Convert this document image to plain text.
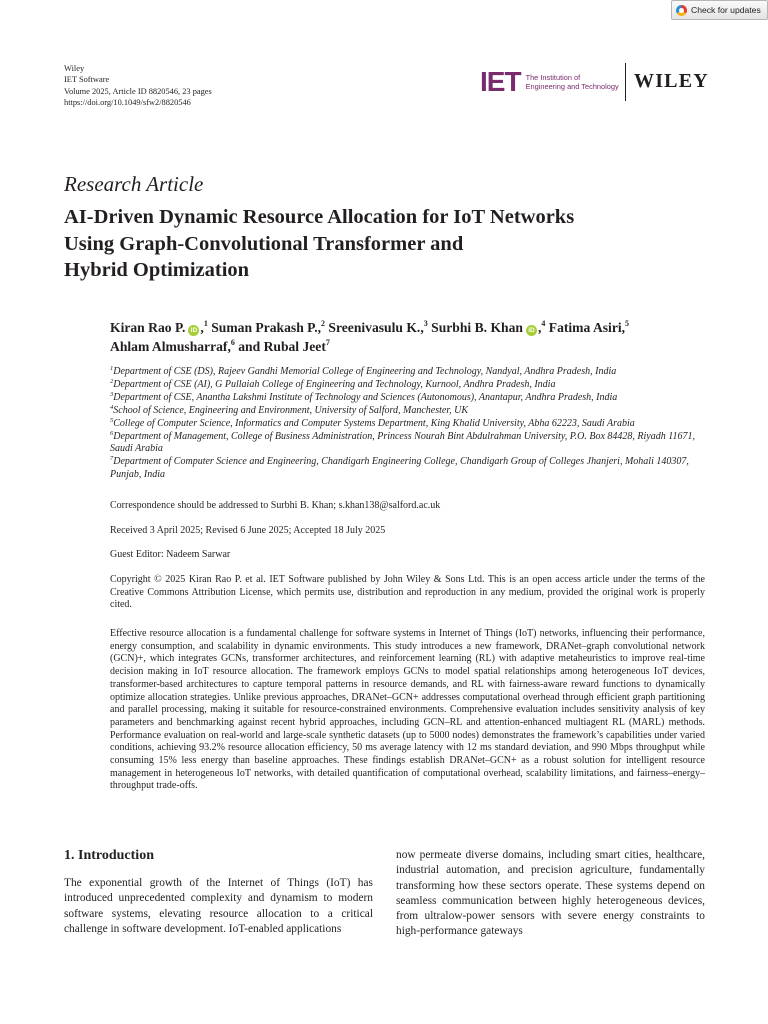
Check for updates
Wiley
IET Software
Volume 2025, Article ID 8820546, 23 pages
https://doi.org/10.1049/sfw2/8820546
IET The Institution of
Engineering and Technology WILEY
Research Article
AI-Driven Dynamic Resource Allocation for IoT Networks
Using Graph-Convolutional Transformer and
Hybrid Optimization
Kiran Rao P. iD ,$^1$ Suman Prakash P.,$^2$ Sreenivasulu K.,$^3$ Surbhi B. Khan iD ,$^4$ Fatima Asiri,$^5$
Ahlam Almusharraf,$^6$ and Rubal Jeet$^7$
$^1$Department of CSE (DS), Rajeev Gandhi Memorial College of Engineering and Technology, Nandyal, Andhra Pradesh, India
$^2$Department of CSE (AI), G Pullaiah College of Engineering and Technology, Kurnool, Andhra Pradesh, India
$^3$Department of CSE, Anantha Lakshmi Institute of Technology and Sciences (Autonomous), Anantapur, Andhra Pradesh, India
$^4$School of Science, Engineering and Environment, University of Salford, Manchester, UK
$^5$College of Computer Science, Informatics and Computer Systems Department, King Khalid University, Abha 62223, Saudi Arabia
$^6$Department of Management, College of Business Administration, Princess Nourah Bint Abdulrahman University, P.O. Box 84428, Riyadh 11671, Saudi Arabia
$^7$Department of Computer Science and Engineering, Chandigarh Engineering College, Chandigarh Group of Colleges Jhanjeri, Mohali 140307, Punjab, India
Correspondence should be addressed to Surbhi B. Khan; s.khan138@salford.ac.uk
Received 3 April 2025; Revised 6 June 2025; Accepted 18 July 2025
Guest Editor: Nadeem Sarwar
Copyright © 2025 Kiran Rao P. et al. IET Software published by John Wiley & Sons Ltd. This is an open access article under the terms of the Creative Commons Attribution License, which permits use, distribution and reproduction in any medium, provided the original work is properly cited.
Effective resource allocation is a fundamental challenge for software systems in Internet of Things (IoT) networks, influencing their performance, energy consumption, and scalability in dynamic environments. This study introduces a new framework, DRANet–graph convolutional network (GCN)+, which integrates GCNs, transformer architectures, and reinforcement learning (RL) with adaptive metaheuristics to improve real-time decision making in IoT resource allocation. The framework employs GCNs to model spatial relationships among heterogeneous IoT devices, transformer-based architectures to capture temporal patterns in resource demands, and RL with fairness-aware reward functions to dynamically optimize allocation strategies. Unlike previous approaches, DRANet–GCN+ addresses computational overhead through efficient graph partitioning and parallel processing, making it suitable for resource-constrained environments. Comprehensive evaluation includes sensitivity analysis of key parameters and benchmarking against recent hybrid approaches, including GCN–RL and attention-enhanced multiagent RL (MARL) methods. Performance evaluation on real-world and large-scale synthetic datasets (up to 5000 nodes) demonstrates the framework’s capabilities under varied conditions, achieving 93.2% resource allocation efficiency, 50 ms average latency with 12 ms standard deviation, and 990 Mbps throughput while consuming 15% less energy than baseline approaches. These findings establish DRANet–GCN+ as a robust solution for intelligent resource management in heterogeneous IoT networks, with detailed quantification of computational overhead, scalability limitations, and fairness–energy–throughput trade-offs.
1. Introduction
The exponential growth of the Internet of Things (IoT) has introduced unprecedented complexity and dynamism to modern software systems, elevating resource allocation to a critical challenge in software development. IoT-enabled applications
now permeate diverse domains, including smart cities, healthcare, industrial automation, and precision agriculture, fundamentally transforming how these sectors operate. These systems depend on seamless communication between highly heterogeneous devices, from ultralow-power sensors with severe energy constraints to high-performance gateways
